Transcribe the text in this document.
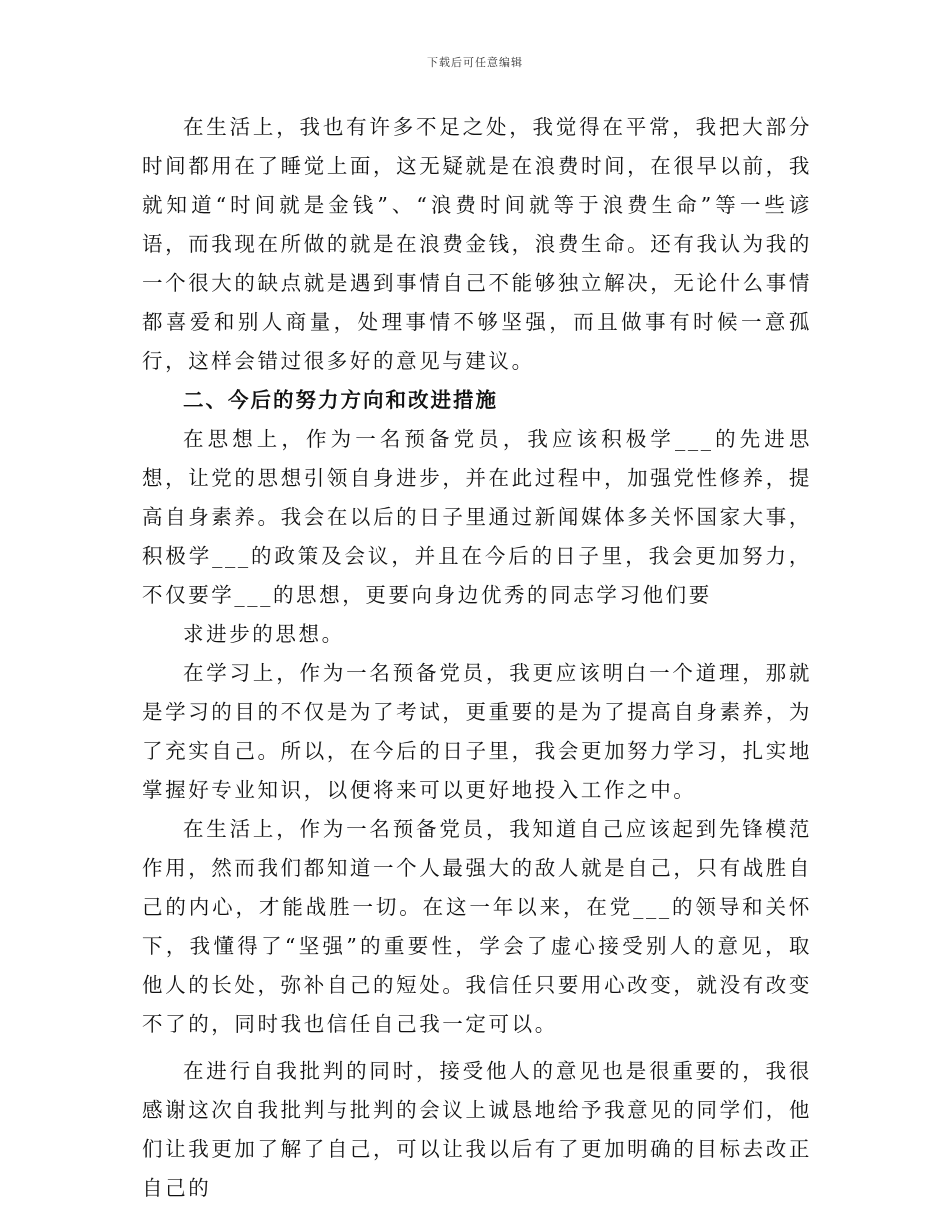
下载后可任意编辑

在生活上，我也有许多不足之处，我觉得在平常，我把大部分时间都用在了睡觉上面，这无疑就是在浪费时间，在很早以前，我就知道“时间就是金钱”、“浪费时间就等于浪费生命”等一些谚语，而我现在所做的就是在浪费金钱，浪费生命。还有我认为我的一个很大的缺点就是遇到事情自己不能够独立解决，无论什么事情都喜爱和别人商量，处理事情不够坚强，而且做事有时候一意孤行，这样会错过很多好的意见与建议。

二、今后的努力方向和改进措施

在思想上，作为一名预备党员，我应该积极学___的先进思想，让党的思想引领自身进步，并在此过程中，加强党性修养，提高自身素养。我会在以后的日子里通过新闻媒体多关怀国家大事，积极学___的政策及会议，并且在今后的日子里，我会更加努力，不仅要学___的思想，更要向身边优秀的同志学习他们要

求进步的思想。

在学习上，作为一名预备党员，我更应该明白一个道理，那就是学习的目的不仅是为了考试，更重要的是为了提高自身素养，为了充实自己。所以，在今后的日子里，我会更加努力学习，扎实地掌握好专业知识，以便将来可以更好地投入工作之中。

在生活上，作为一名预备党员，我知道自己应该起到先锋模范作用，然而我们都知道一个人最强大的敌人就是自己，只有战胜自己的内心，才能战胜一切。在这一年以来，在党___的领导和关怀下，我懂得了“坚强”的重要性，学会了虚心接受别人的意见，取他人的长处，弥补自己的短处。我信任只要用心改变，就没有改变不了的，同时我也信任自己我一定可以。

在进行自我批判的同时，接受他人的意见也是很重要的，我很感谢这次自我批判与批判的会议上诚恳地给予我意见的同学们，他们让我更加了解了自己，可以让我以后有了更加明确的目标去改正自己的
